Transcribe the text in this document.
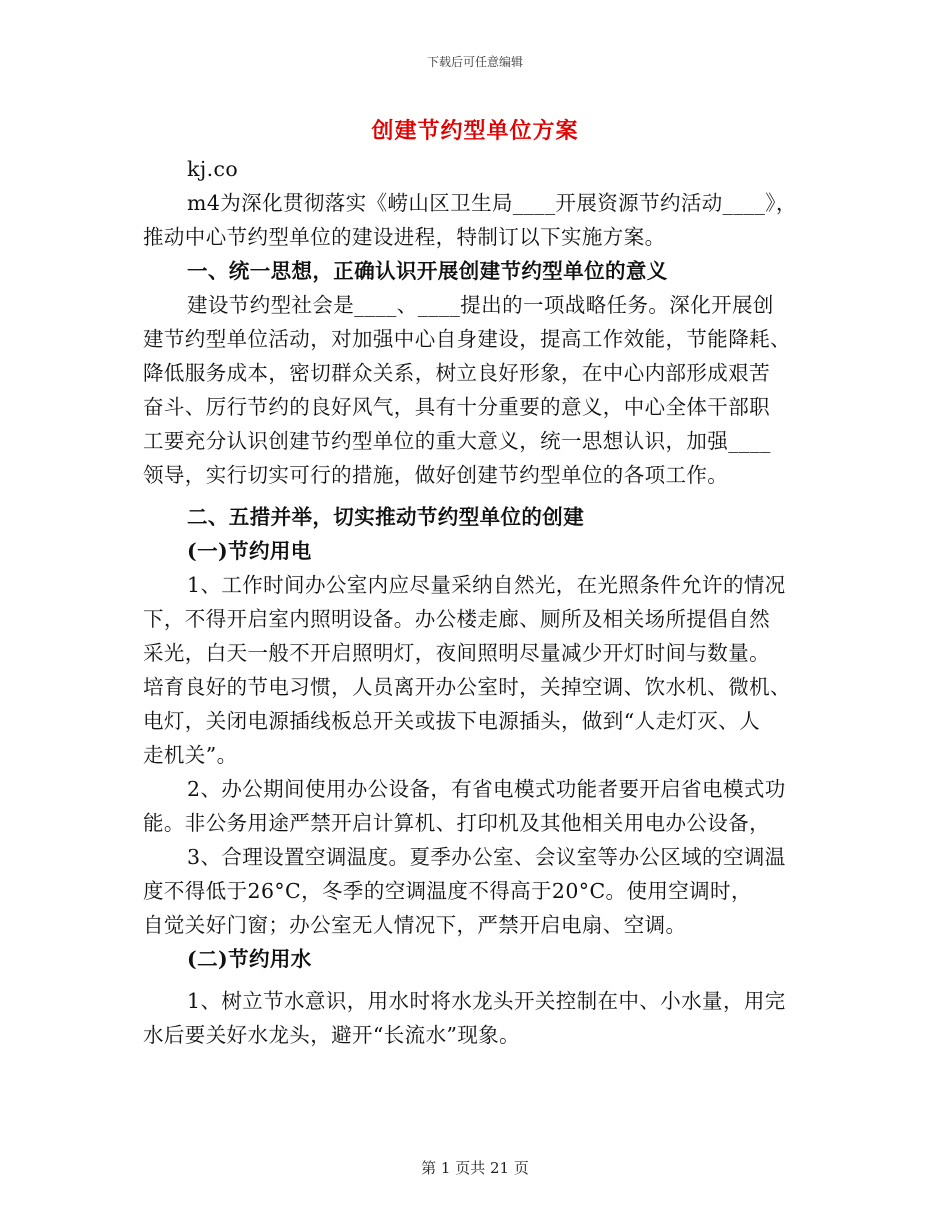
下载后可任意编辑
创建节约型单位方案
kj.co
m4为深化贯彻落实《崂山区卫生局____开展资源节约活动____》，
推动中心节约型单位的建设进程，特制订以下实施方案。
一、统一思想，正确认识开展创建节约型单位的意义
建设节约型社会是____、____提出的一项战略任务。深化开展创
建节约型单位活动，对加强中心自身建设，提高工作效能，节能降耗、
降低服务成本，密切群众关系，树立良好形象，在中心内部形成艰苦
奋斗、厉行节约的良好风气，具有十分重要的意义，中心全体干部职
工要充分认识创建节约型单位的重大意义，统一思想认识，加强____
领导，实行切实可行的措施，做好创建节约型单位的各项工作。
二、五措并举，切实推动节约型单位的创建
(一)节约用电
1、工作时间办公室内应尽量采纳自然光，在光照条件允许的情况
下，不得开启室内照明设备。办公楼走廊、厕所及相关场所提倡自然
采光，白天一般不开启照明灯，夜间照明尽量减少开灯时间与数量。
培育良好的节电习惯，人员离开办公室时，关掉空调、饮水机、微机、
电灯，关闭电源插线板总开关或拔下电源插头，做到“人走灯灭、人
走机关”。
2、办公期间使用办公设备，有省电模式功能者要开启省电模式功
能。非公务用途严禁开启计算机、打印机及其他相关用电办公设备，
3、合理设置空调温度。夏季办公室、会议室等办公区域的空调温
度不得低于26°C，冬季的空调温度不得高于20°C。使用空调时，
自觉关好门窗；办公室无人情况下，严禁开启电扇、空调。
(二)节约用水
1、树立节水意识，用水时将水龙头开关控制在中、小水量，用完
水后要关好水龙头，避开“长流水”现象。
第 1 页共 21 页
